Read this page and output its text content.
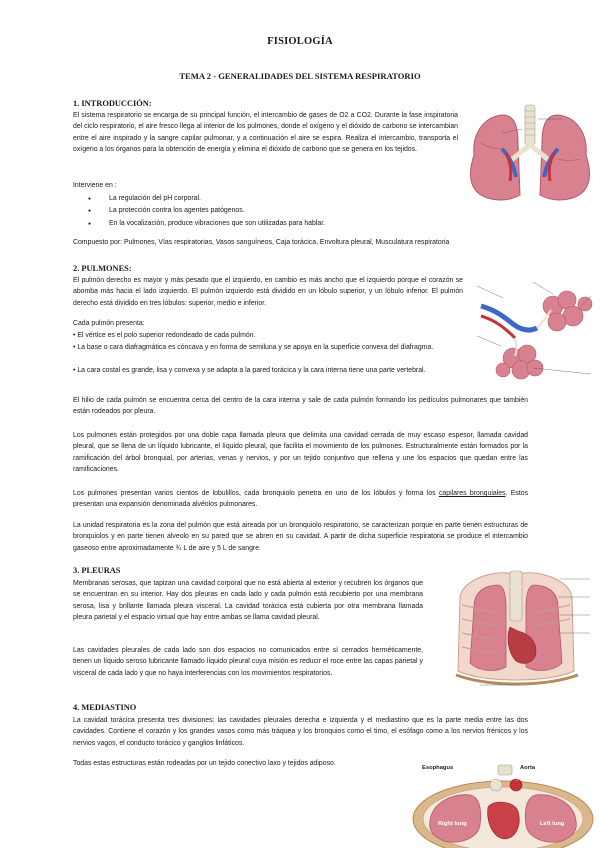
FISIOLOGÍA
TEMA 2 - GENERALIDADES DEL SISTEMA RESPIRATORIO
1. INTRODUCCIÓN:

El sistema respiratorio se encarga de su principal función, el intercambio de gases de O2 a CO2. Durante la fase inspiratoria del ciclo respiratorio, el aire fresco llega al interior de los pulmones, donde el oxígeno y el dióxido de carbono se intercambian entre el aire inspirado y la sangre capilar pulmonar, y a continuación el aire se espira. Realiza el intercambio, transporta el oxígeno a los órganos para la obtención de energía y elimina el dióxido de carbono que se genera en los tejidos.

Interviene en :
● La regulación del pH corporal.
● La protección contra los agentes patógenos.
● En la vocalización, produce vibraciones que son utilizadas para hablar.
Compuesto por: Pulmones, Vías respiratorias, Vasos sanguíneos, Caja torácica, Envoltura pleural, Musculatura respiratoria
2. PULMONES:

El pulmón derecho es mayor y más pesado que el izquierdo, en cambio es más ancho que el izquierdo porque el corazón se abomba más hacia el lado izquierdo. El pulmón izquierdo está dividido en un lóbulo superior, y un lóbulo inferior. El pulmón derecho está dividido en tres lóbulos: superior, medio e inferior.

Cada pulmón presenta:

• El vértice es el polo superior redondeado de cada pulmón.

• La base o cara diafragmática es cóncava y en forma de semiluna y se apoya en la superficie convexa del diafragma.

• La cara costal es grande, lisa y convexa y se adapta a la pared torácica y la cara interna tiene una parte vertebral.

El hilio de cada pulmón se encuentra cerca del centro de la cara interna y sale de cada pulmón formando los pedículos pulmonares que también están rodeados por pleura.

Los pulmones están protegidos por una doble capa llamada pleura que delimita una cavidad cerrada de muy escaso espesor, llamada cavidad pleural, que se llena de un líquido lubricante, el líquido pleural, que facilita el movimiento de los pulmones. Estructuralmente están formados por la ramificación del árbol bronquial, por arterias, venas y nervios, y por un tejido conjuntivo que rellena y une los espacios que quedan entre las ramificaciones.

Los pulmones presentan varios cientos de lobulillos, cada bronquiolo penetra en uno de los lóbulos y forma los capilares bronquiales. Estos presentan una expansión denominada alvéolos pulmonares.

La unidad respiratoria es la zona del pulmón que está aireada por un bronquiolo respiratorio, se caracterizan porque en parte tienen estructuras de bronquiolos y en parte tienen alveolo en su pared que se abren en su cavidad. A partir de dicha superficie respiratoria se produce el intercambio gaseoso entre aproximadamente ¾ L de aire y 5 L de sangre.

3. PLEURAS

Membranas serosas, que tapizan una cavidad corporal que no está abierta al exterior y recubren los órganos que se encuentran en su interior. Hay dos pleuras en cada lado y cada pulmón está recubierto por una membrana serosa, lisa y brillante llamada pleura visceral. La cavidad torácica está cubierta por otra membrana llamada pleura parietal y el espacio virtual que hay entre ambas se llama cavidad pleural.

Las cavidades pleurales de cada lado son dos espacios no comunicados entre sí cerrados herméticamente, tienen un líquido seroso lubricante llamado líquido pleural cuya misión es reducir el roce entre las capas parietal y visceral de cada lado y que no haya interferencias con los movimientos respiratorios.

4. MEDIASTINO

La cavidad torácica presenta tres divisiones: las cavidades pleurales derecha e izquierda y el mediastino que es la parte media entre las dos cavidades. Contiene el corazón y los grandes vasos como más tráquea y los bronquios como el timo, el esófago como a los nervios frénicos y los nervios vagos, el conducto torácico y ganglios linfáticos.

Todas estas estructuras están rodeadas por un tejido conectivo laxo y tejidos adiposo.

Esophagus	Aorta
Right lung	Left lung
